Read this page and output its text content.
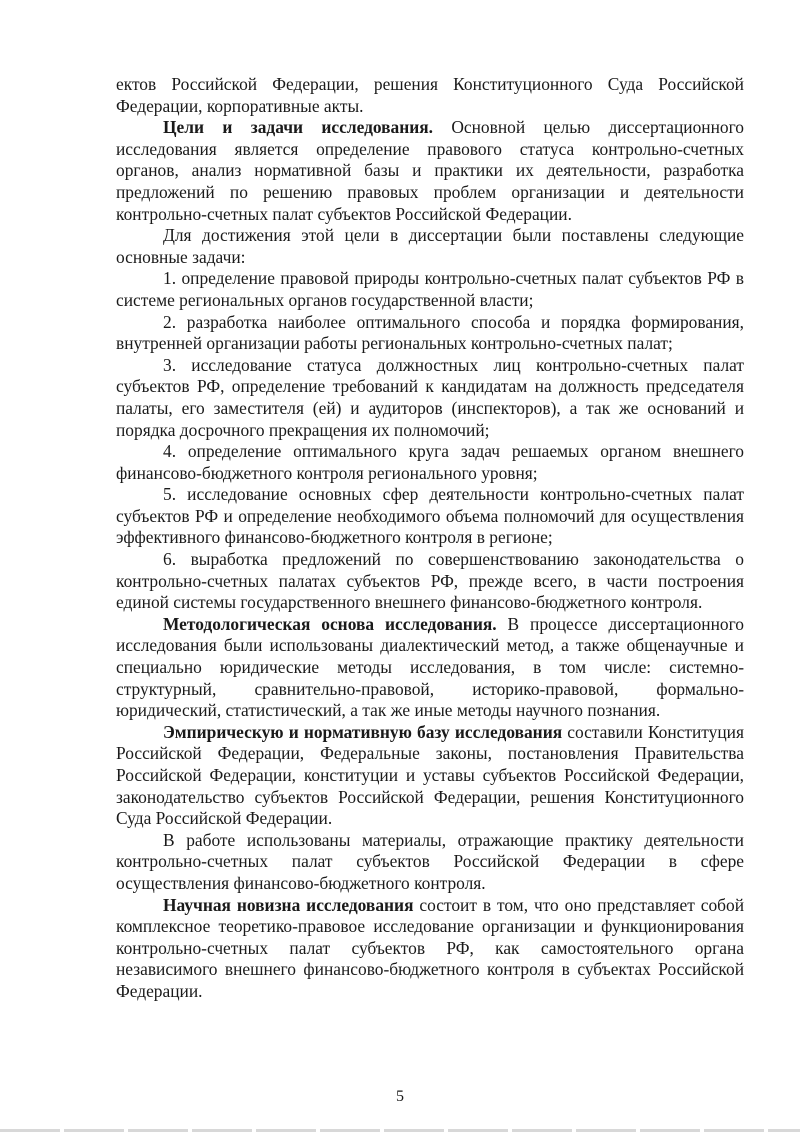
ектов Российской Федерации, решения Конституционного Суда Российской Федерации, корпоративные акты.

Цели и задачи исследования. Основной целью диссертационного исследования является определение правового статуса контрольно-счетных органов, анализ нормативной базы и практики их деятельности, разработка предложений по решению правовых проблем организации и деятельности контрольно-счетных палат субъектов Российской Федерации.

Для достижения этой цели в диссертации были поставлены следующие основные задачи:

1. определение правовой природы контрольно-счетных палат субъектов РФ в системе региональных органов государственной власти;

2. разработка наиболее оптимального способа и порядка формирования, внутренней организации работы региональных контрольно-счетных палат;

3. исследование статуса должностных лиц контрольно-счетных палат субъектов РФ, определение требований к кандидатам на должность председателя палаты, его заместителя (ей) и аудиторов (инспекторов), а так же оснований и порядка досрочного прекращения их полномочий;

4. определение оптимального круга задач решаемых органом внешнего финансово-бюджетного контроля регионального уровня;

5. исследование основных сфер деятельности контрольно-счетных палат субъектов РФ и определение необходимого объема полномочий для осуществления эффективного финансово-бюджетного контроля в регионе;

6. выработка предложений по совершенствованию законодательства о контрольно-счетных палатах субъектов РФ, прежде всего, в части построения единой системы государственного внешнего финансово-бюджетного контроля.

Методологическая основа исследования. В процессе диссертационного исследования были использованы диалектический метод, а также общенаучные и специально юридические методы исследования, в том числе: системно-структурный, сравнительно-правовой, историко-правовой, формально-юридический, статистический, а так же иные методы научного познания.

Эмпирическую и нормативную базу исследования составили Конституция Российской Федерации, Федеральные законы, постановления Правительства Российской Федерации, конституции и уставы субъектов Российской Федерации, законодательство субъектов Российской Федерации, решения Конституционного Суда Российской Федерации.

В работе использованы материалы, отражающие практику деятельности контрольно-счетных палат субъектов Российской Федерации в сфере осуществления финансово-бюджетного контроля.

Научная новизна исследования состоит в том, что оно представляет собой комплексное теоретико-правовое исследование организации и функционирования контрольно-счетных палат субъектов РФ, как самостоятельного органа независимого внешнего финансово-бюджетного контроля в субъектах Российской Федерации.

5
